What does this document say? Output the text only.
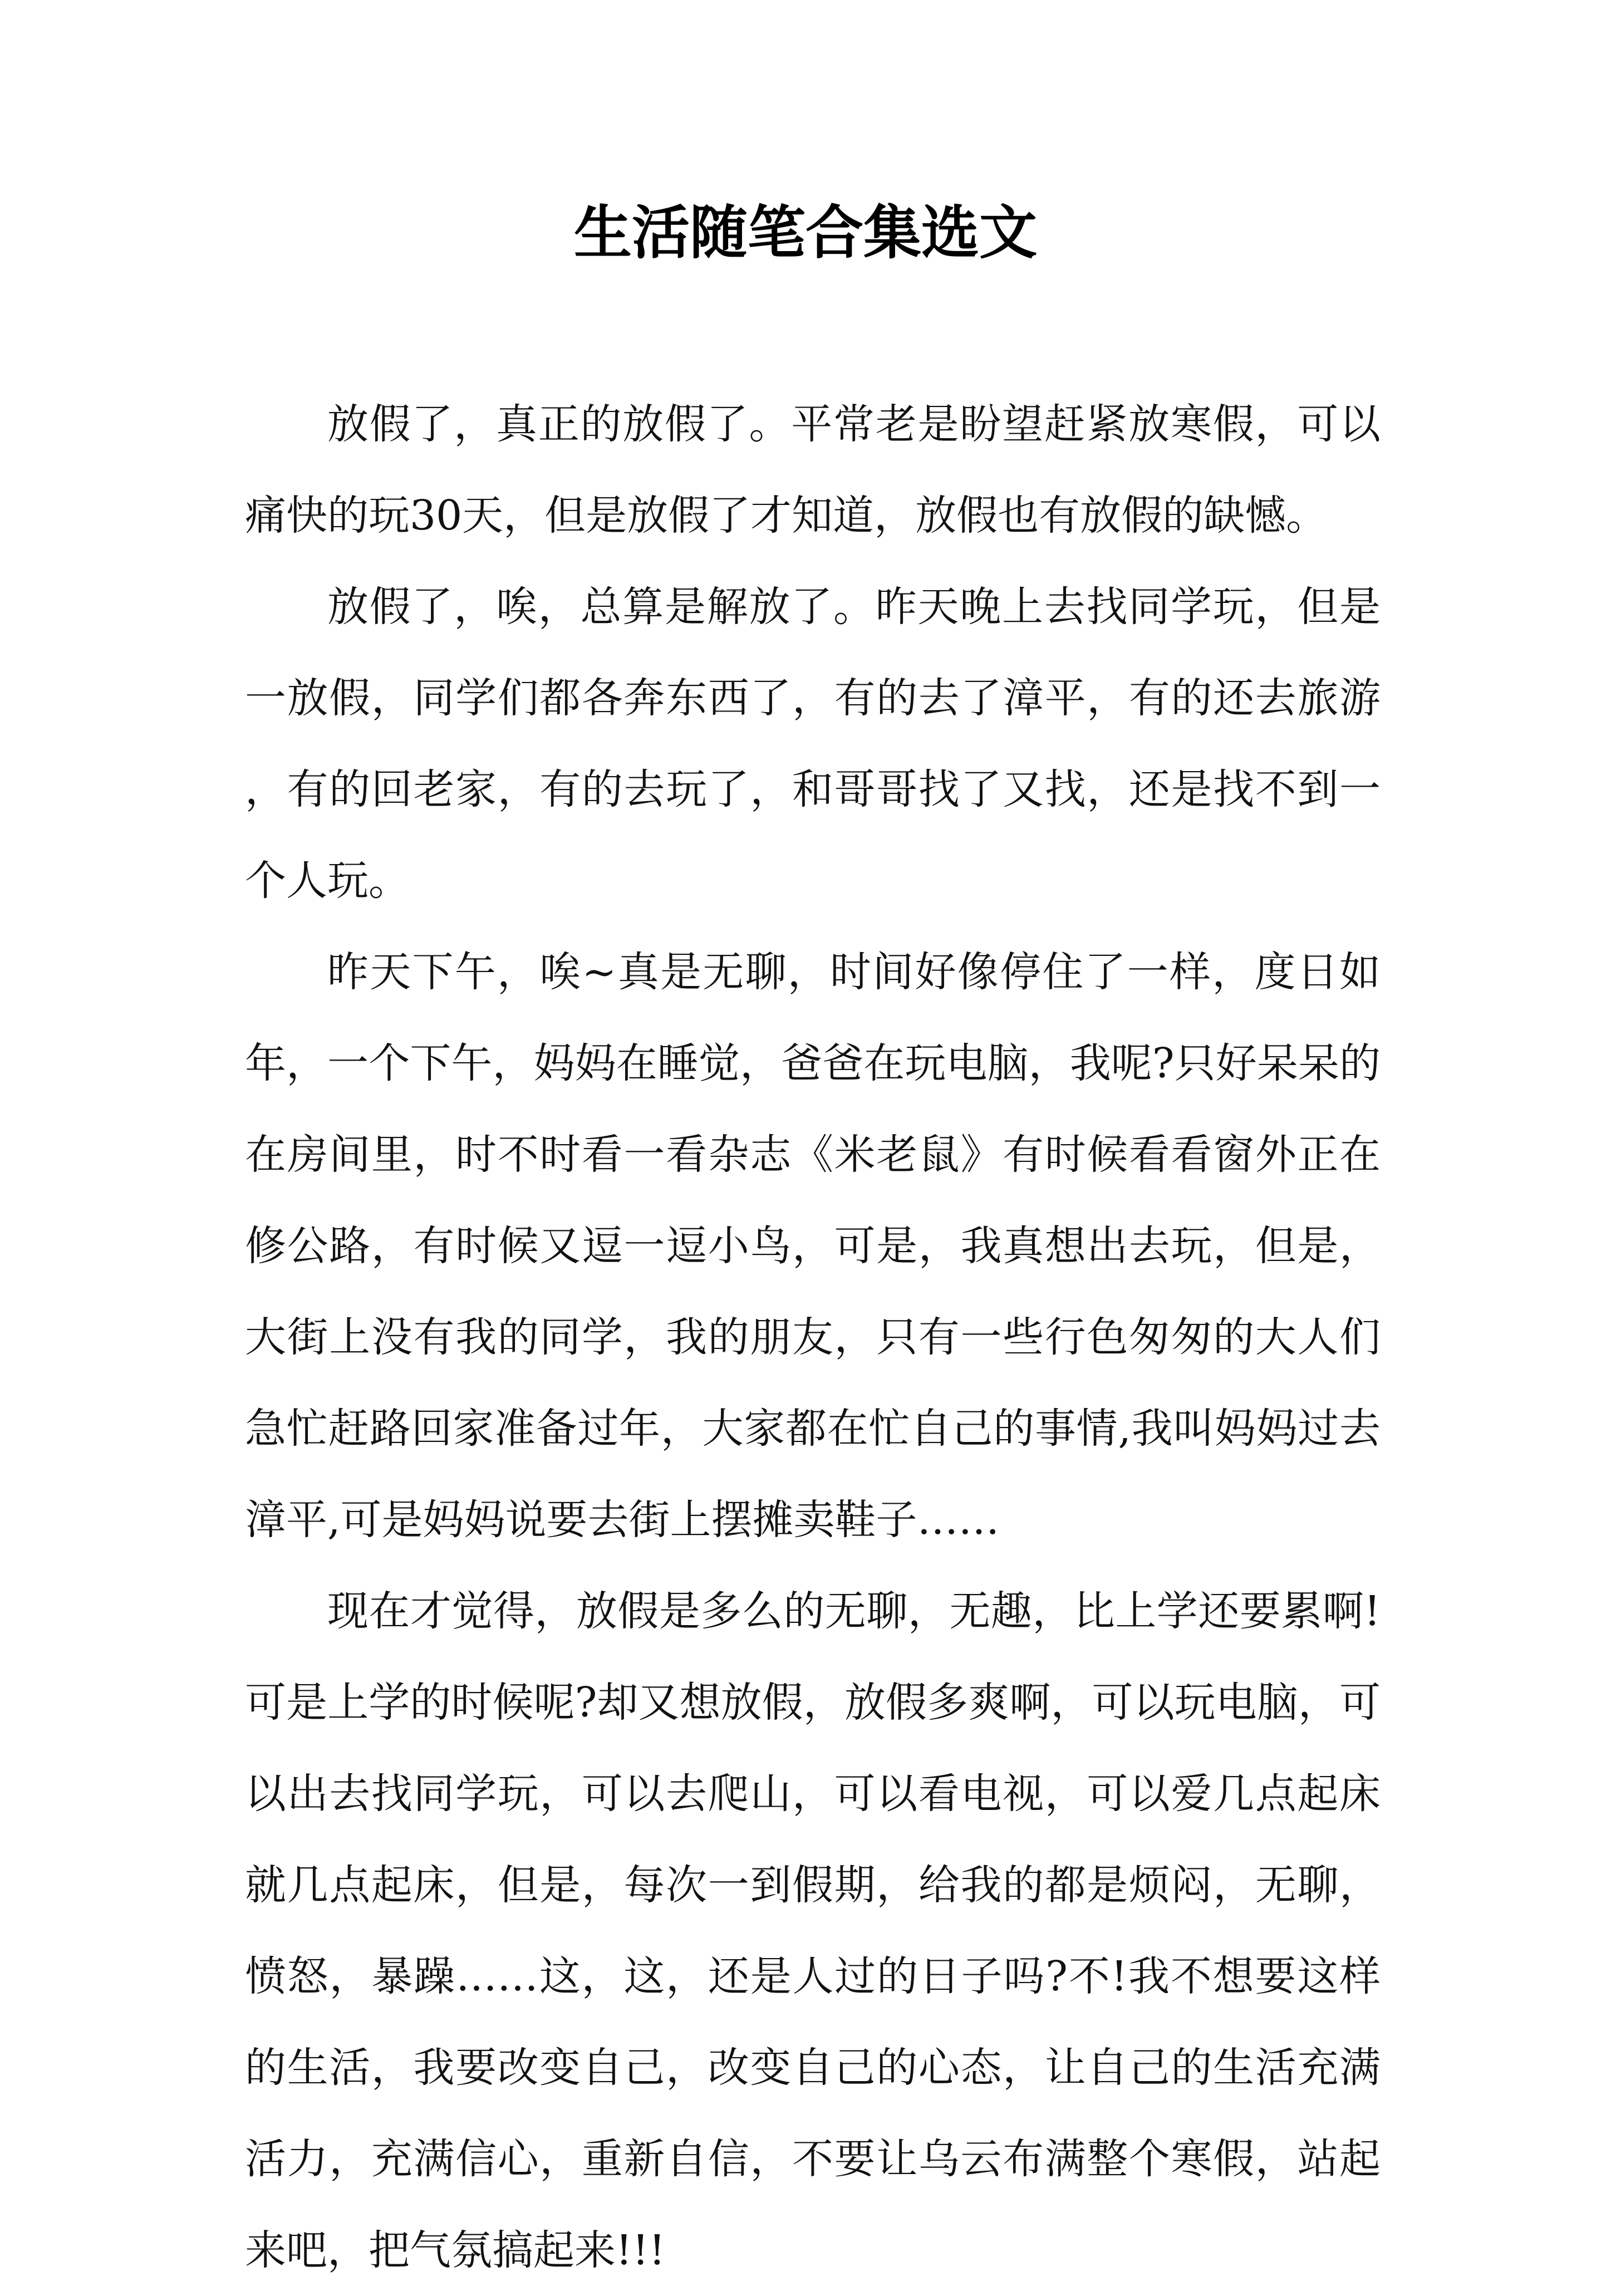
生活随笔合集选文

放假了，真正的放假了。平常老是盼望赶紧放寒假，可以痛快的玩30天，但是放假了才知道，放假也有放假的缺憾。

放假了，唉，总算是解放了。昨天晚上去找同学玩，但是一放假，同学们都各奔东西了，有的去了漳平，有的还去旅游，有的回老家，有的去玩了，和哥哥找了又找，还是找不到一个人玩。

昨天下午，唉~真是无聊，时间好像停住了一样，度日如年，一个下午，妈妈在睡觉，爸爸在玩电脑，我呢?只好呆呆的在房间里，时不时看一看杂志《米老鼠》有时候看看窗外正在修公路，有时候又逗一逗小鸟，可是，我真想出去玩，但是，大街上没有我的同学，我的朋友，只有一些行色匆匆的大人们急忙赶路回家准备过年，大家都在忙自己的事情,我叫妈妈过去漳平,可是妈妈说要去街上摆摊卖鞋子……

现在才觉得，放假是多么的无聊，无趣，比上学还要累啊!可是上学的时候呢?却又想放假，放假多爽啊，可以玩电脑，可以出去找同学玩，可以去爬山，可以看电视，可以爱几点起床就几点起床，但是，每次一到假期，给我的都是烦闷，无聊，愤怒，暴躁……这，这，还是人过的日子吗?不!我不想要这样的生活，我要改变自己，改变自己的心态，让自己的生活充满活力，充满信心，重新自信，不要让乌云布满整个寒假，站起来吧，把气氛搞起来!!!
